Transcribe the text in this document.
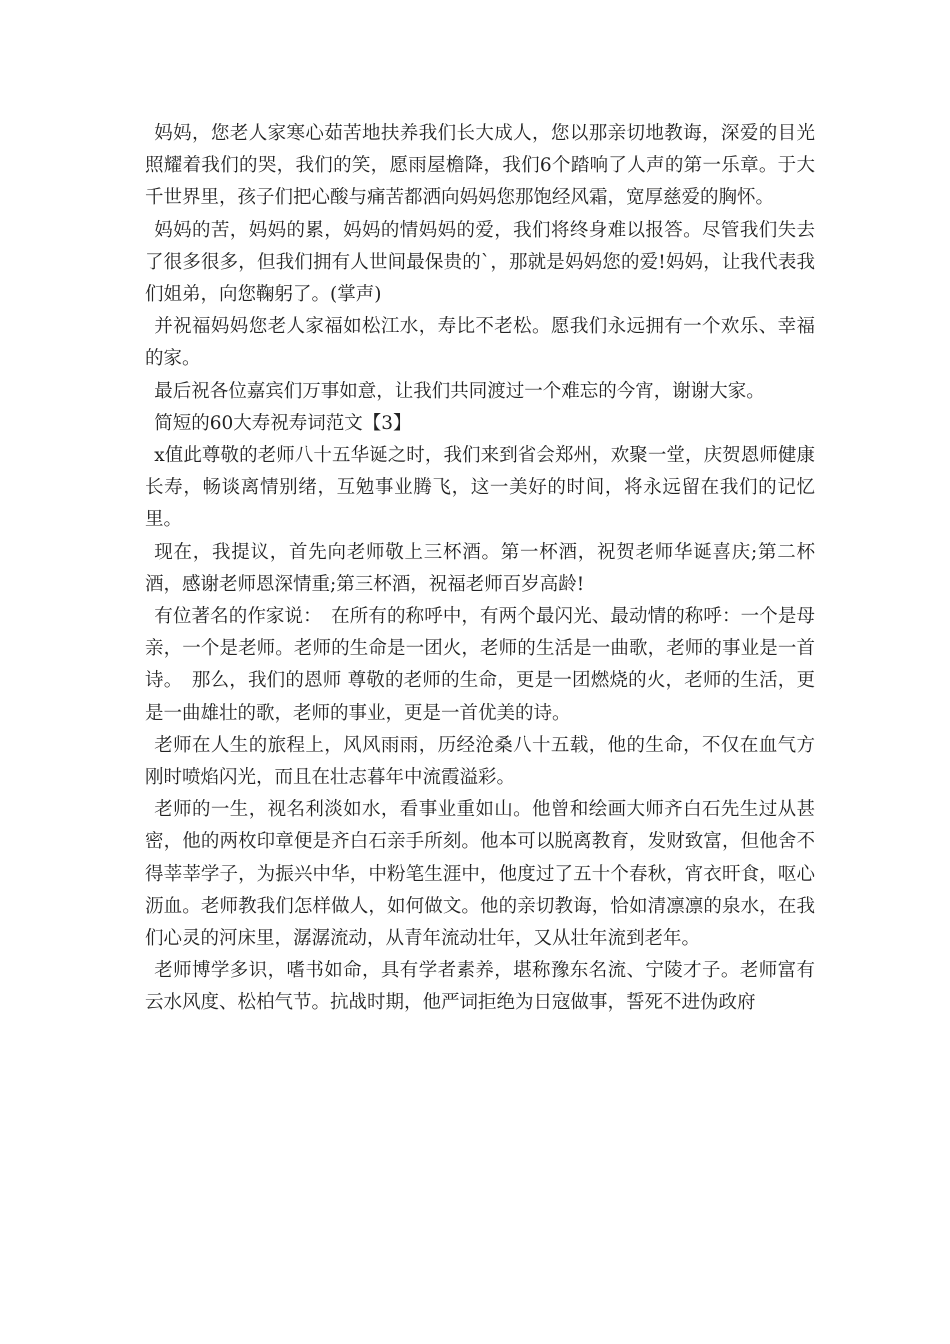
妈妈，您老人家寒心茹苦地扶养我们长大成人，您以那亲切地教诲，深爱的目光照耀着我们的哭，我们的笑，愿雨屋檐降，我们6个踏响了人声的第一乐章。于大千世界里，孩子们把心酸与痛苦都洒向妈妈您那饱经风霜，宽厚慈爱的胸怀。

妈妈的苦，妈妈的累，妈妈的情妈妈的爱，我们将终身难以报答。尽管我们失去了很多很多，但我们拥有人世间最保贵的`，那就是妈妈您的爱!妈妈，让我代表我们姐弟，向您鞠躬了。(掌声)

并祝福妈妈您老人家福如松江水，寿比不老松。愿我们永远拥有一个欢乐、幸福的家。

最后祝各位嘉宾们万事如意，让我们共同渡过一个难忘的今宵，谢谢大家。

简短的60大寿祝寿词范文【3】

x值此尊敬的老师八十五华诞之时，我们来到省会郑州，欢聚一堂，庆贺恩师健康长寿，畅谈离情别绪，互勉事业腾飞，这一美好的时间，将永远留在我们的记忆里。

现在，我提议，首先向老师敬上三杯酒。第一杯酒，祝贺老师华诞喜庆;第二杯酒，感谢老师恩深情重;第三杯酒，祝福老师百岁高龄!

有位著名的作家说：　在所有的称呼中，有两个最闪光、最动情的称呼：一个是母亲，一个是老师。老师的生命是一团火，老师的生活是一曲歌，老师的事业是一首诗。　那么，我们的恩师 尊敬的老师的生命，更是一团燃烧的火，老师的生活，更是一曲雄壮的歌，老师的事业，更是一首优美的诗。

老师在人生的旅程上，风风雨雨，历经沧桑八十五载，他的生命，不仅在血气方刚时喷焰闪光，而且在壮志暮年中流霞溢彩。

老师的一生，视名利淡如水，看事业重如山。他曾和绘画大师齐白石先生过从甚密，他的两枚印章便是齐白石亲手所刻。他本可以脱离教育，发财致富，但他舍不得莘莘学子，为振兴中华，中粉笔生涯中，他度过了五十个春秋，宵衣旰食，呕心沥血。老师教我们怎样做人，如何做文。他的亲切教诲，恰如清凛凛的泉水，在我们心灵的河床里，潺潺流动，从青年流动壮年，又从壮年流到老年。

老师博学多识，嗜书如命，具有学者素养，堪称豫东名流、宁陵才子。老师富有云水风度、松柏气节。抗战时期，他严词拒绝为日寇做事，誓死不进伪政府
